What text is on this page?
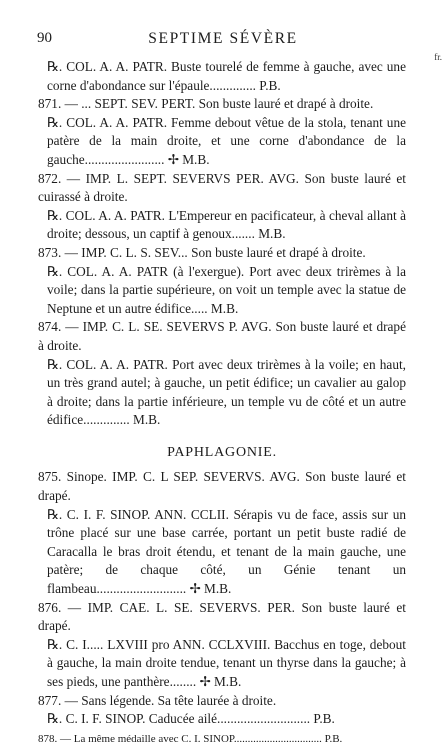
90	SEPTIME SÉVÈRE
fr.

℞. COL. A. A. PATR. Buste tourelé de femme à gauche, avec une corne d'abondance sur l'épaule.............. P.B.

871. — ... SEPT. SEV. PERT. Son buste lauré et drapé à droite.

℞. COL. A. A. PATR. Femme debout vêtue de la stola, tenant une patère de la main droite, et une corne d'abondance de la gauche........................ ✢ M.B.

872. — IMP. L. SEPT. SEVERVS PER. AVG. Son buste lauré et cuirassé à droite.

℞. COL. A. A. PATR. L'Empereur en pacificateur, à cheval allant à droite; dessous, un captif à genoux....... M.B.

873. — IMP. C. L. S. SEV... Son buste lauré et drapé à droite.

℞. COL. A. A. PATR (à l'exergue). Port avec deux trirèmes à la voile; dans la partie supérieure, on voit un temple avec la statue de Neptune et un autre édifice..... M.B.

874. — IMP. C. L. SE. SEVERVS P. AVG. Son buste lauré et drapé à droite.

℞. COL. A. A. PATR. Port avec deux trirèmes à la voile; en haut, un très grand autel; à gauche, un petit édifice; un cavalier au galop à droite; dans la partie inférieure, un temple vu de côté et un autre édifice.............. M.B.

PAPHLAGONIE.

875. Sinope. IMP. C. L SEP. SEVERVS. AVG. Son buste lauré et drapé.

℞. C. I. F. SINOP. ANN. CCLII. Sérapis vu de face, assis sur un trône placé sur une base carrée, portant un petit buste radié de Caracalla le bras droit étendu, et tenant de la main gauche, une patère; de chaque côté, un Génie tenant un flambeau........................... ✢ M.B.

876. — IMP. CAE. L. SE. SEVERVS. PER. Son buste lauré et drapé.

℞. C. I..... LXVIII pro ANN. CCLXVIII. Bacchus en toge, debout à gauche, la main droite tendue, tenant un thyrse dans la gauche; à ses pieds, une panthère........ ✢ M.B.

877. — Sans légende. Sa tête laurée à droite.

℞. C. I. F. SINOP. Caducée ailé............................ P.B.

878. — La même médaille avec C. I. SINOP................................ P.B.
